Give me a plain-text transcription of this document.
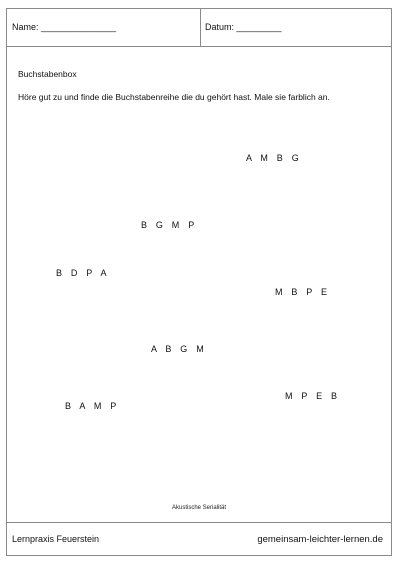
Name: _______________	Datum: _________
Buchstabenbox
Höre gut zu und finde die Buchstabenreihe die du gehört hast. Male sie farblich an.
A M B G
B G M P
B D P A
M B P E
A B G M
M P E B
B A M P
Akustische Serialität
Lernpraxis Feuerstein	gemeinsam-leichter-lernen.de
